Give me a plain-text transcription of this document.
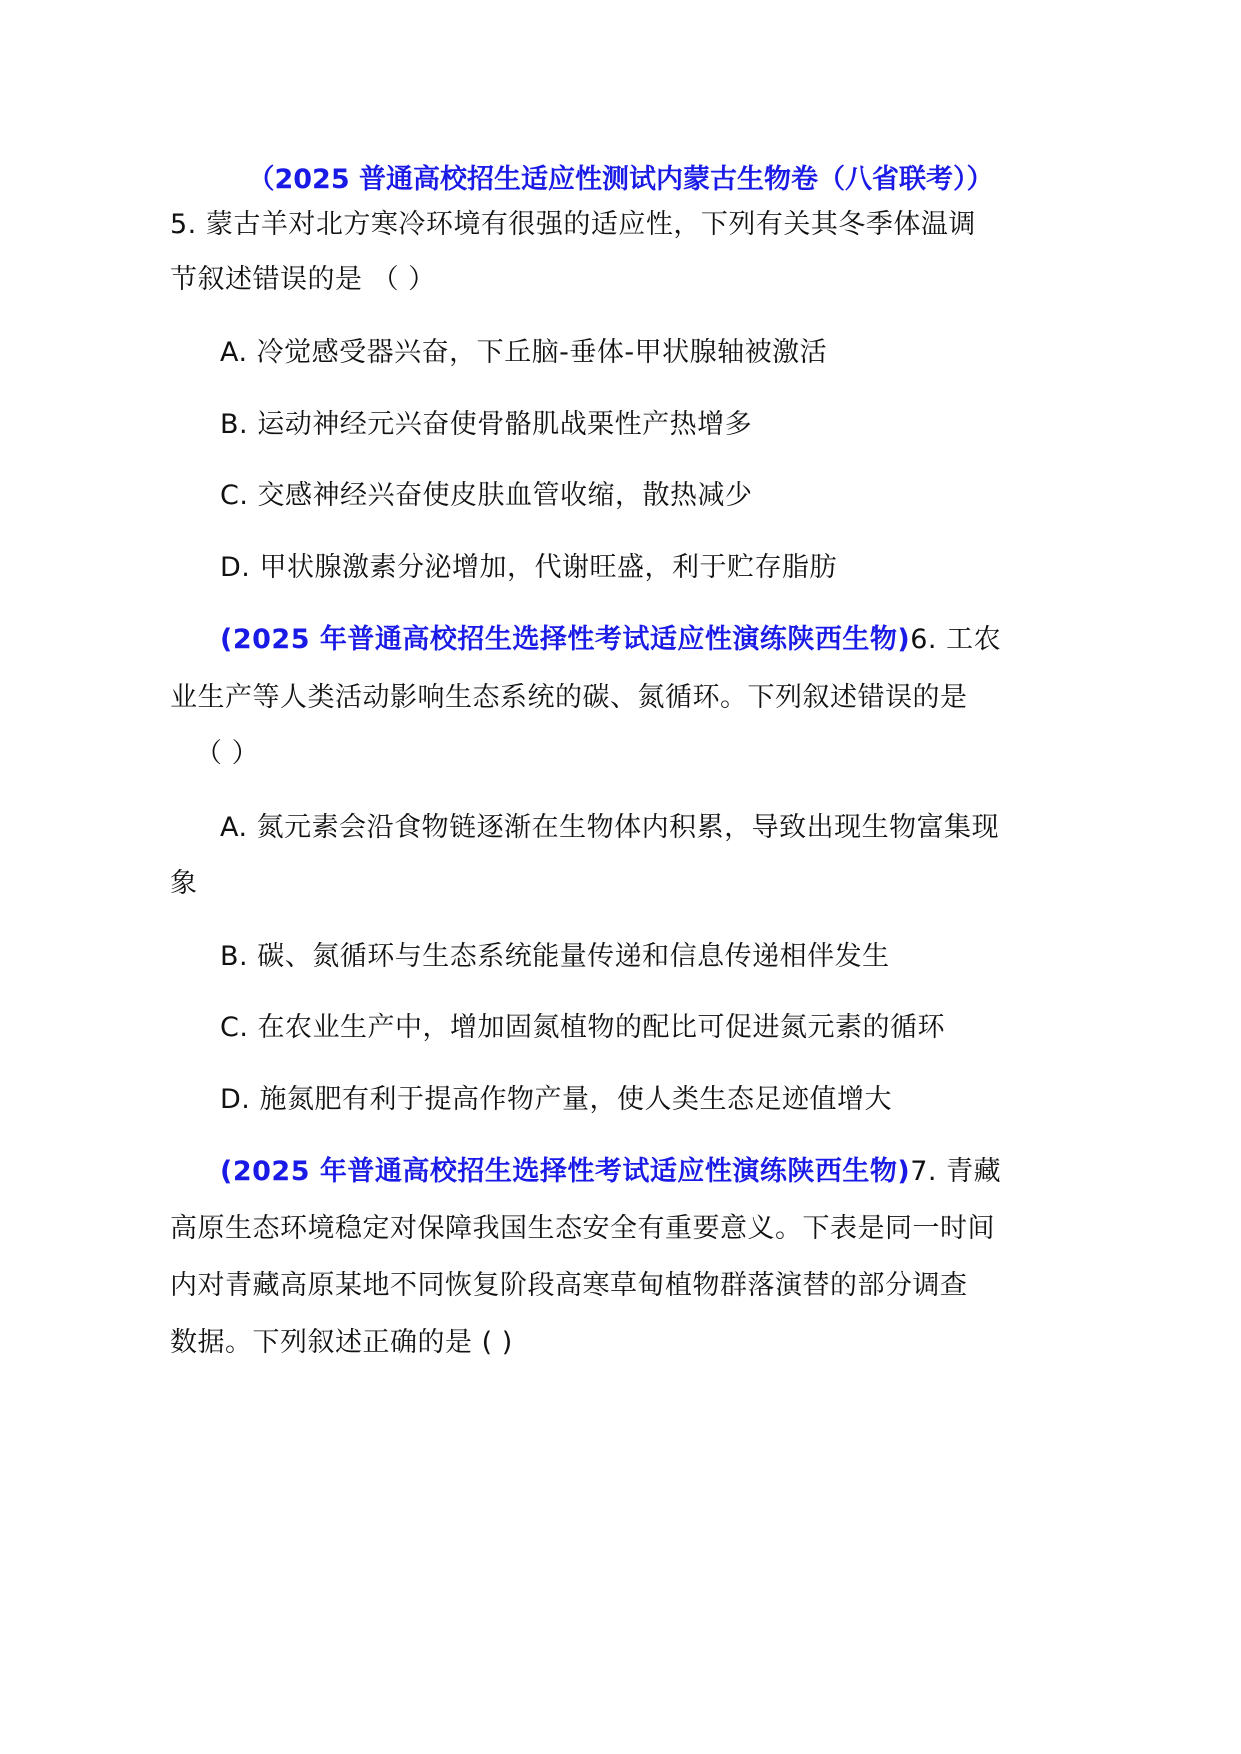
（2025 普通高校招生适应性测试内蒙古生物卷（八省联考））
5. 蒙古羊对北方寒冷环境有很强的适应性，下列有关其冬季体温调
节叙述错误的是 （ ）
A. 冷觉感受器兴奋，下丘脑-垂体-甲状腺轴被激活
B. 运动神经元兴奋使骨骼肌战栗性产热增多
C. 交感神经兴奋使皮肤血管收缩，散热减少
D. 甲状腺激素分泌增加，代谢旺盛，利于贮存脂肪
(2025 年普通高校招生选择性考试适应性演练陕西生物)6. 工农
业生产等人类活动影响生态系统的碳、氮循环。下列叙述错误的是
（ ）
A. 氮元素会沿食物链逐渐在生物体内积累，导致出现生物富集现
象
B. 碳、氮循环与生态系统能量传递和信息传递相伴发生
C. 在农业生产中，增加固氮植物的配比可促进氮元素的循环
D. 施氮肥有利于提高作物产量，使人类生态足迹值增大
(2025 年普通高校招生选择性考试适应性演练陕西生物)7. 青藏
高原生态环境稳定对保障我国生态安全有重要意义。下表是同一时间
内对青藏高原某地不同恢复阶段高寒草甸植物群落演替的部分调查
数据。下列叙述正确的是 ( )
